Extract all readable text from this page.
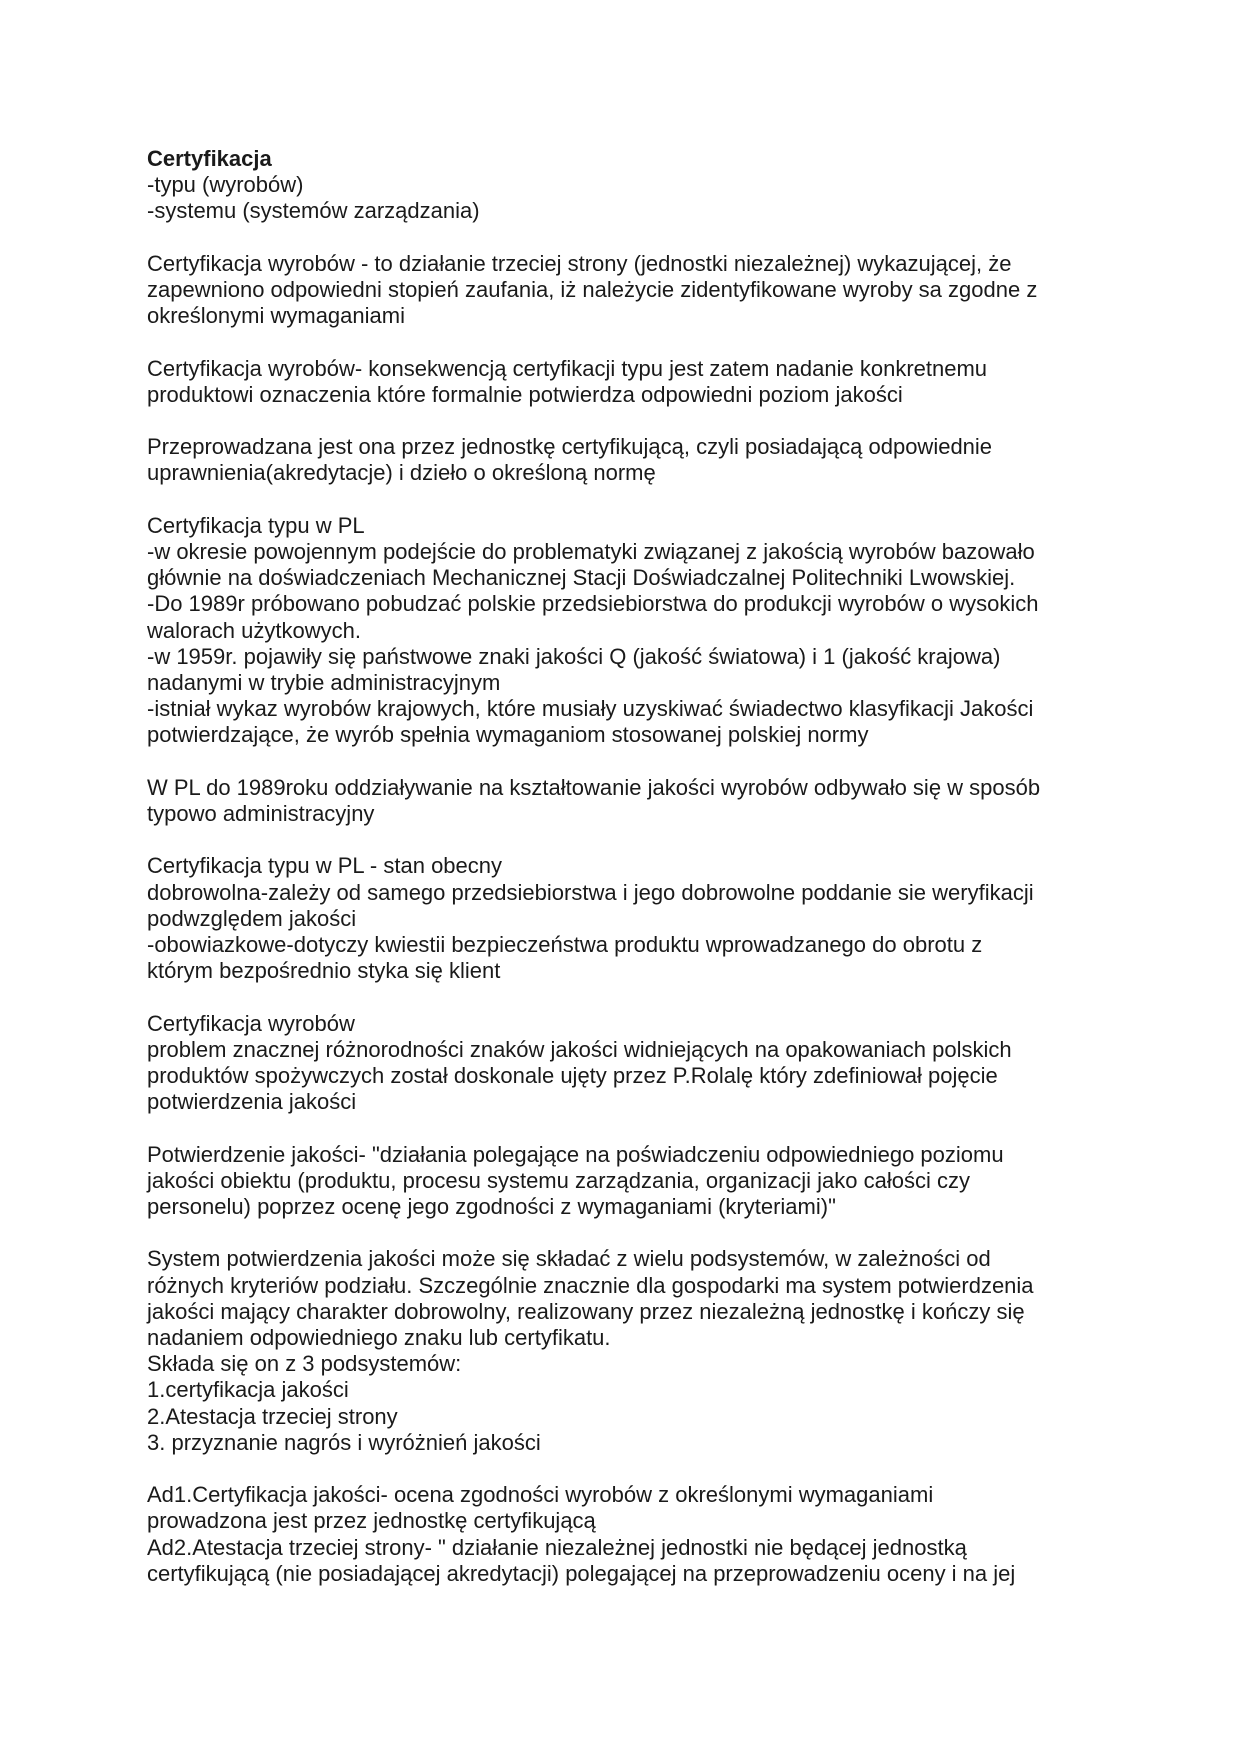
Certyfikacja
-typu (wyrobów)
-systemu (systemów zarządzania)
Certyfikacja wyrobów - to działanie trzeciej strony (jednostki niezależnej) wykazującej, że
zapewniono odpowiedni stopień zaufania, iż należycie zidentyfikowane wyroby sa zgodne z
określonymi wymaganiami
Certyfikacja wyrobów- konsekwencją certyfikacji typu jest zatem nadanie konkretnemu
produktowi oznaczenia które formalnie potwierdza odpowiedni poziom jakości
Przeprowadzana jest ona przez jednostkę certyfikującą, czyli posiadającą odpowiednie
uprawnienia(akredytacje) i dzieło o określoną normę
Certyfikacja typu w PL
-w okresie powojennym podejście do problematyki związanej z jakością wyrobów bazowało
głównie na doświadczeniach Mechanicznej Stacji Doświadczalnej Politechniki Lwowskiej.
-Do 1989r próbowano pobudzać polskie przedsiebiorstwa do produkcji wyrobów o wysokich
walorach użytkowych.
-w 1959r. pojawiły się państwowe znaki jakości Q (jakość światowa) i 1 (jakość krajowa)
nadanymi w trybie administracyjnym
-istniał wykaz wyrobów krajowych, które musiały uzyskiwać świadectwo klasyfikacji Jakości
potwierdzające, że wyrób spełnia wymaganiom stosowanej polskiej normy
W PL do 1989roku oddziaływanie na kształtowanie jakości wyrobów odbywało się w sposób
typowo administracyjny
Certyfikacja typu w PL - stan obecny
dobrowolna-zależy od samego przedsiebiorstwa i jego dobrowolne poddanie sie weryfikacji
podwzględem jakości
-obowiazkowe-dotyczy kwiestii bezpieczeństwa produktu wprowadzanego do obrotu z
którym bezpośrednio styka się klient
Certyfikacja wyrobów
problem znacznej różnorodności znaków jakości widniejących na opakowaniach polskich
produktów spożywczych został doskonale ujęty przez P.Rolalę który zdefiniował pojęcie
potwierdzenia jakości
Potwierdzenie jakości- "działania polegające na poświadczeniu odpowiedniego poziomu
jakości obiektu (produktu, procesu systemu zarządzania, organizacji jako całości czy
personelu) poprzez ocenę jego zgodności z wymaganiami (kryteriami)"
System potwierdzenia jakości może się składać z wielu podsystemów, w zależności od
różnych kryteriów podziału. Szczególnie znacznie dla gospodarki ma system potwierdzenia
jakości mający charakter dobrowolny, realizowany przez niezależną jednostkę i kończy się
nadaniem odpowiedniego znaku lub certyfikatu.
Składa się on z 3 podsystemów:
1.certyfikacja jakości
2.Atestacja trzeciej strony
3. przyznanie nagrós i wyróżnień jakości
Ad1.Certyfikacja jakości- ocena zgodności wyrobów z określonymi wymaganiami
prowadzona jest przez jednostkę certyfikującą
Ad2.Atestacja trzeciej strony- " działanie niezależnej jednostki nie będącej jednostką
certyfikującą (nie posiadającej akredytacji) polegającej na przeprowadzeniu oceny i na jej
